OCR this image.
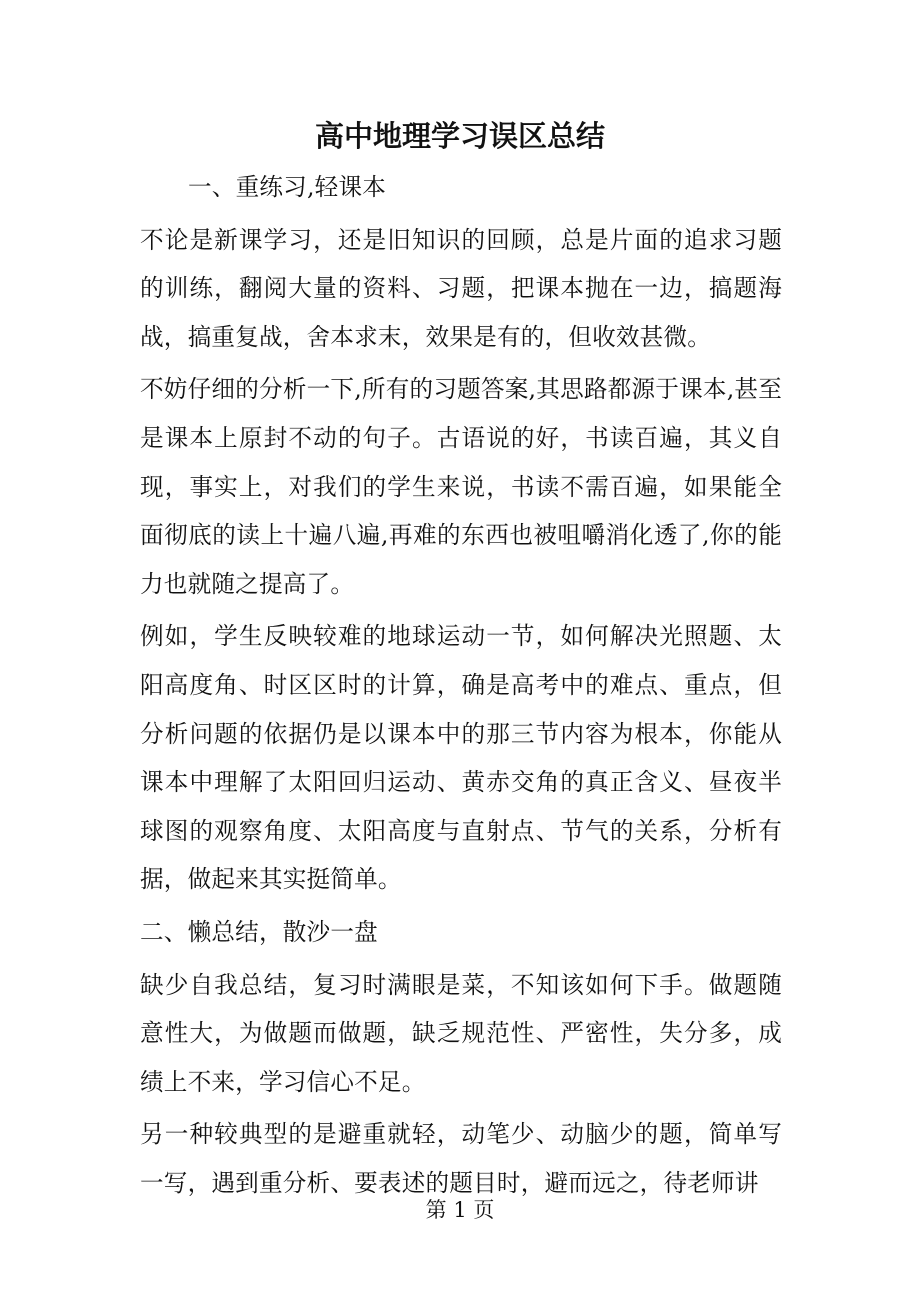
高中地理学习误区总结

一、重练习,轻课本

不论是新课学习，还是旧知识的回顾，总是片面的追求习题的训练，翻阅大量的资料、习题，把课本抛在一边，搞题海战，搞重复战，舍本求末，效果是有的，但收效甚微。

不妨仔细的分析一下,所有的习题答案,其思路都源于课本,甚至是课本上原封不动的句子。古语说的好，书读百遍，其义自现，事实上，对我们的学生来说，书读不需百遍，如果能全面彻底的读上十遍八遍,再难的东西也被咀嚼消化透了,你的能力也就随之提高了。

例如，学生反映较难的地球运动一节，如何解决光照题、太阳高度角、时区区时的计算，确是高考中的难点、重点，但分析问题的依据仍是以课本中的那三节内容为根本，你能从课本中理解了太阳回归运动、黄赤交角的真正含义、昼夜半球图的观察角度、太阳高度与直射点、节气的关系，分析有据，做起来其实挺简单。

二、懒总结，散沙一盘

缺少自我总结，复习时满眼是菜，不知该如何下手。做题随意性大，为做题而做题，缺乏规范性、严密性，失分多，成绩上不来，学习信心不足。

另一种较典型的是避重就轻，动笔少、动脑少的题，简单写一写，遇到重分析、要表述的题目时，避而远之，待老师讲

第 1 页
